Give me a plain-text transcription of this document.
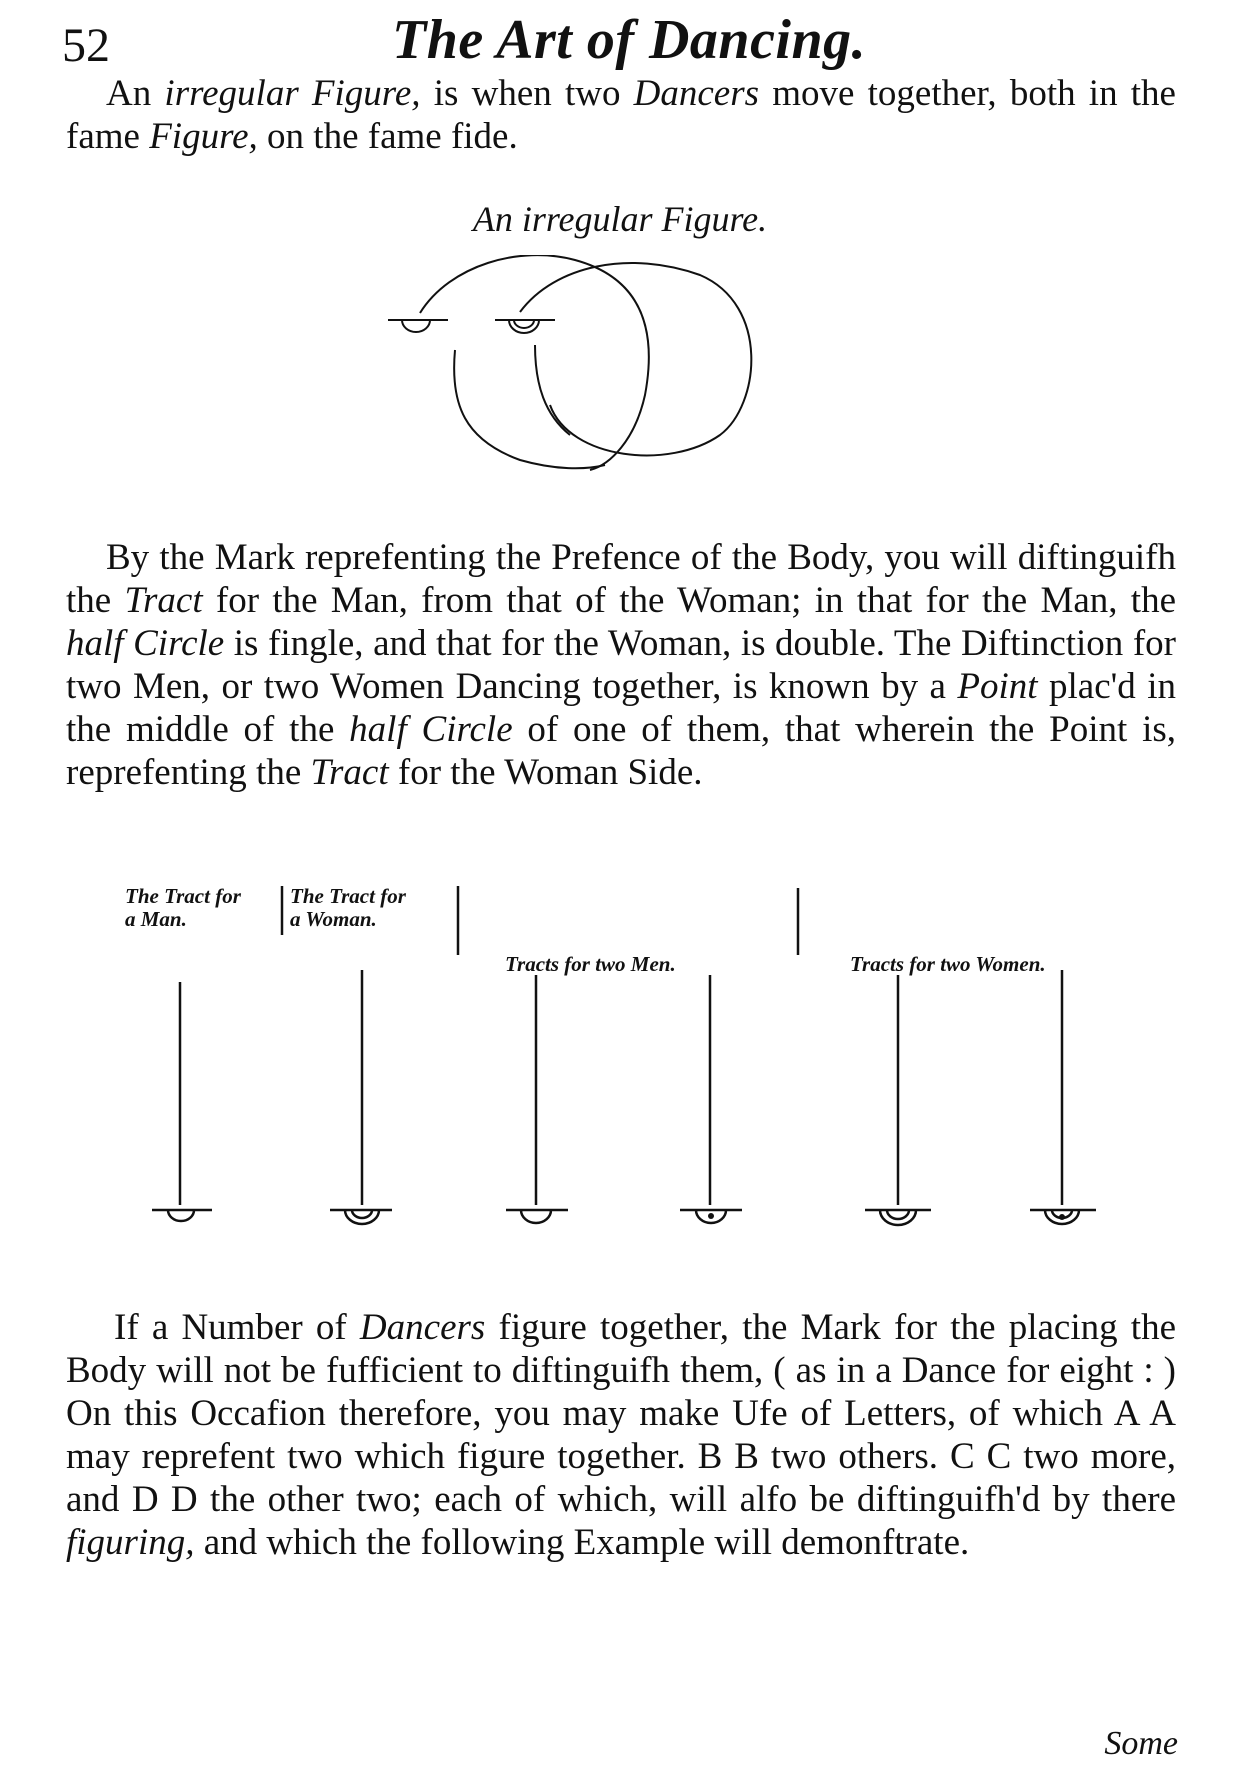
52	The Art of Dancing.

An irregular Figure, is when two Dancers move together, both in the fame Figure, on the fame fide.

An irregular Figure.

By the Mark reprefenting the Prefence of the Body, you will diftinguifh the Tract for the Man, from that of the Woman; in that for the Man, the half Circle is fingle, and that for the Woman, is double. The Diftinction for two Men, or two Women Dancing together, is known by a Point plac'd in the middle of the half Circle of one of them, that wherein the Point is, reprefenting the Tract for the Woman Side.

The Tract for
a Man.
The Tract for
a Woman.
Tracts for two Men.	Tracts for two Women.

If a Number of Dancers figure together, the Mark for the placing the Body will not be fufficient to diftinguifh them, ( as in a Dance for eight : ) On this Occafion therefore, you may make Ufe of Letters, of which A A may reprefent two which figure together. B B two others. C C two more, and D D the other two; each of which, will alfo be diftinguifh'd by there figuring, and which the following Example will demonftrate.

Some
